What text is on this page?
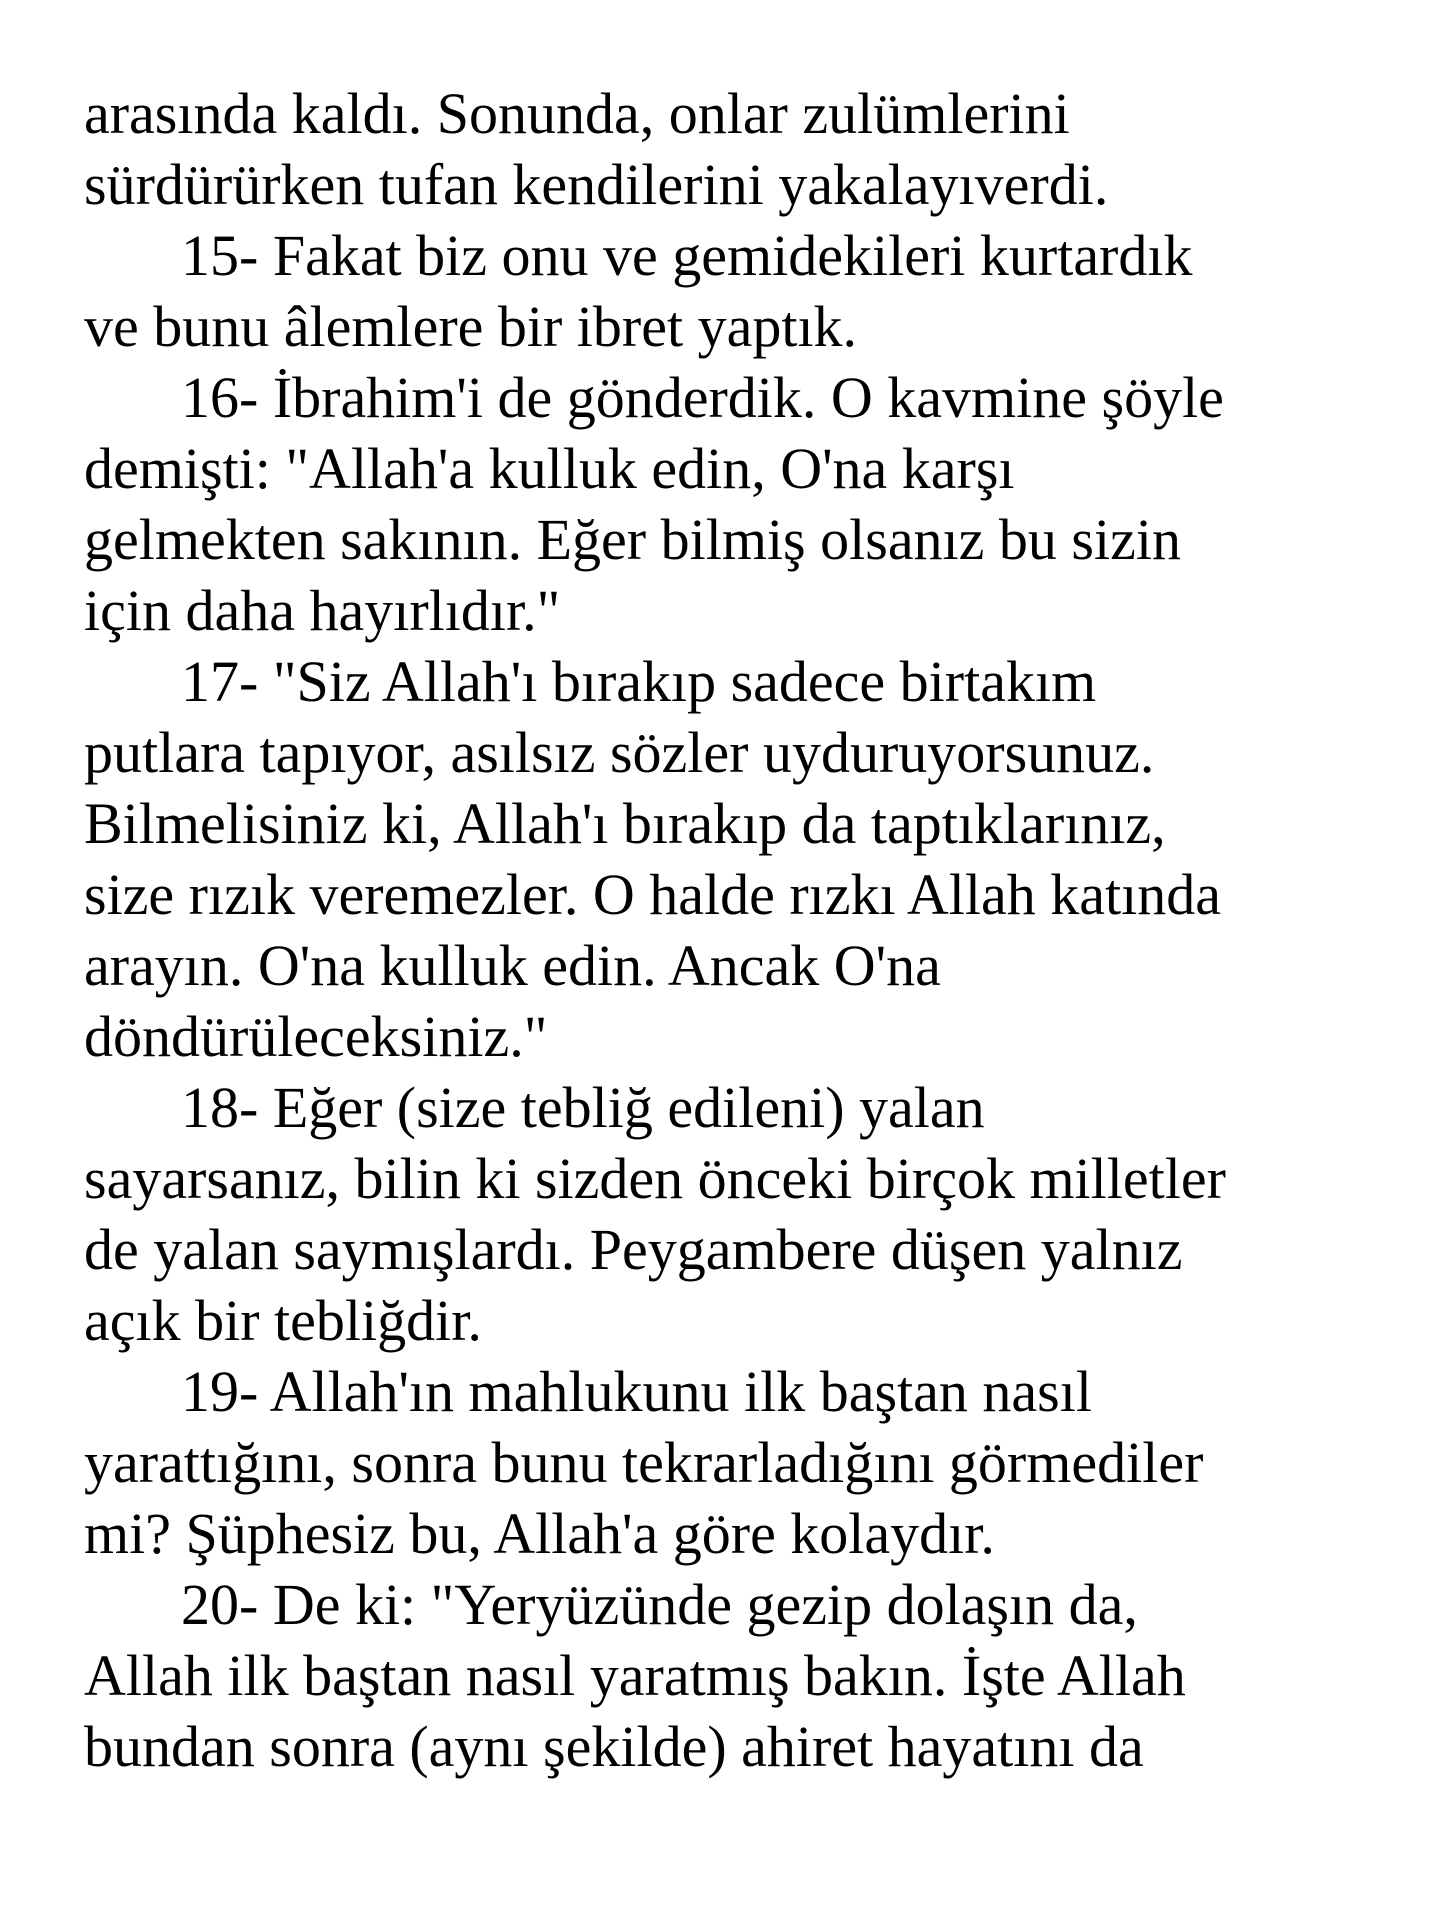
arasında kaldı. Sonunda, onlar zulümlerini
sürdürürken tufan kendilerini yakalayıverdi.
15- Fakat biz onu ve gemidekileri kurtardık
ve bunu âlemlere bir ibret yaptık.
16- İbrahim'i de gönderdik. O kavmine şöyle
demişti: "Allah'a kulluk edin, O'na karşı
gelmekten sakının. Eğer bilmiş olsanız bu sizin
için daha hayırlıdır."
17- "Siz Allah'ı bırakıp sadece birtakım
putlara tapıyor, asılsız sözler uyduruyorsunuz.
Bilmelisiniz ki, Allah'ı bırakıp da taptıklarınız,
size rızık veremezler. O halde rızkı Allah katında
arayın. O'na kulluk edin. Ancak O'na
döndürüleceksiniz."
18- Eğer (size tebliğ edileni) yalan
sayarsanız, bilin ki sizden önceki birçok milletler
de yalan saymışlardı. Peygambere düşen yalnız
açık bir tebliğdir.
19- Allah'ın mahlukunu ilk baştan nasıl
yarattığını, sonra bunu tekrarladığını görmediler
mi? Şüphesiz bu, Allah'a göre kolaydır.
20- De ki: "Yeryüzünde gezip dolaşın da,
Allah ilk baştan nasıl yaratmış bakın. İşte Allah
bundan sonra (aynı şekilde) ahiret hayatını da
